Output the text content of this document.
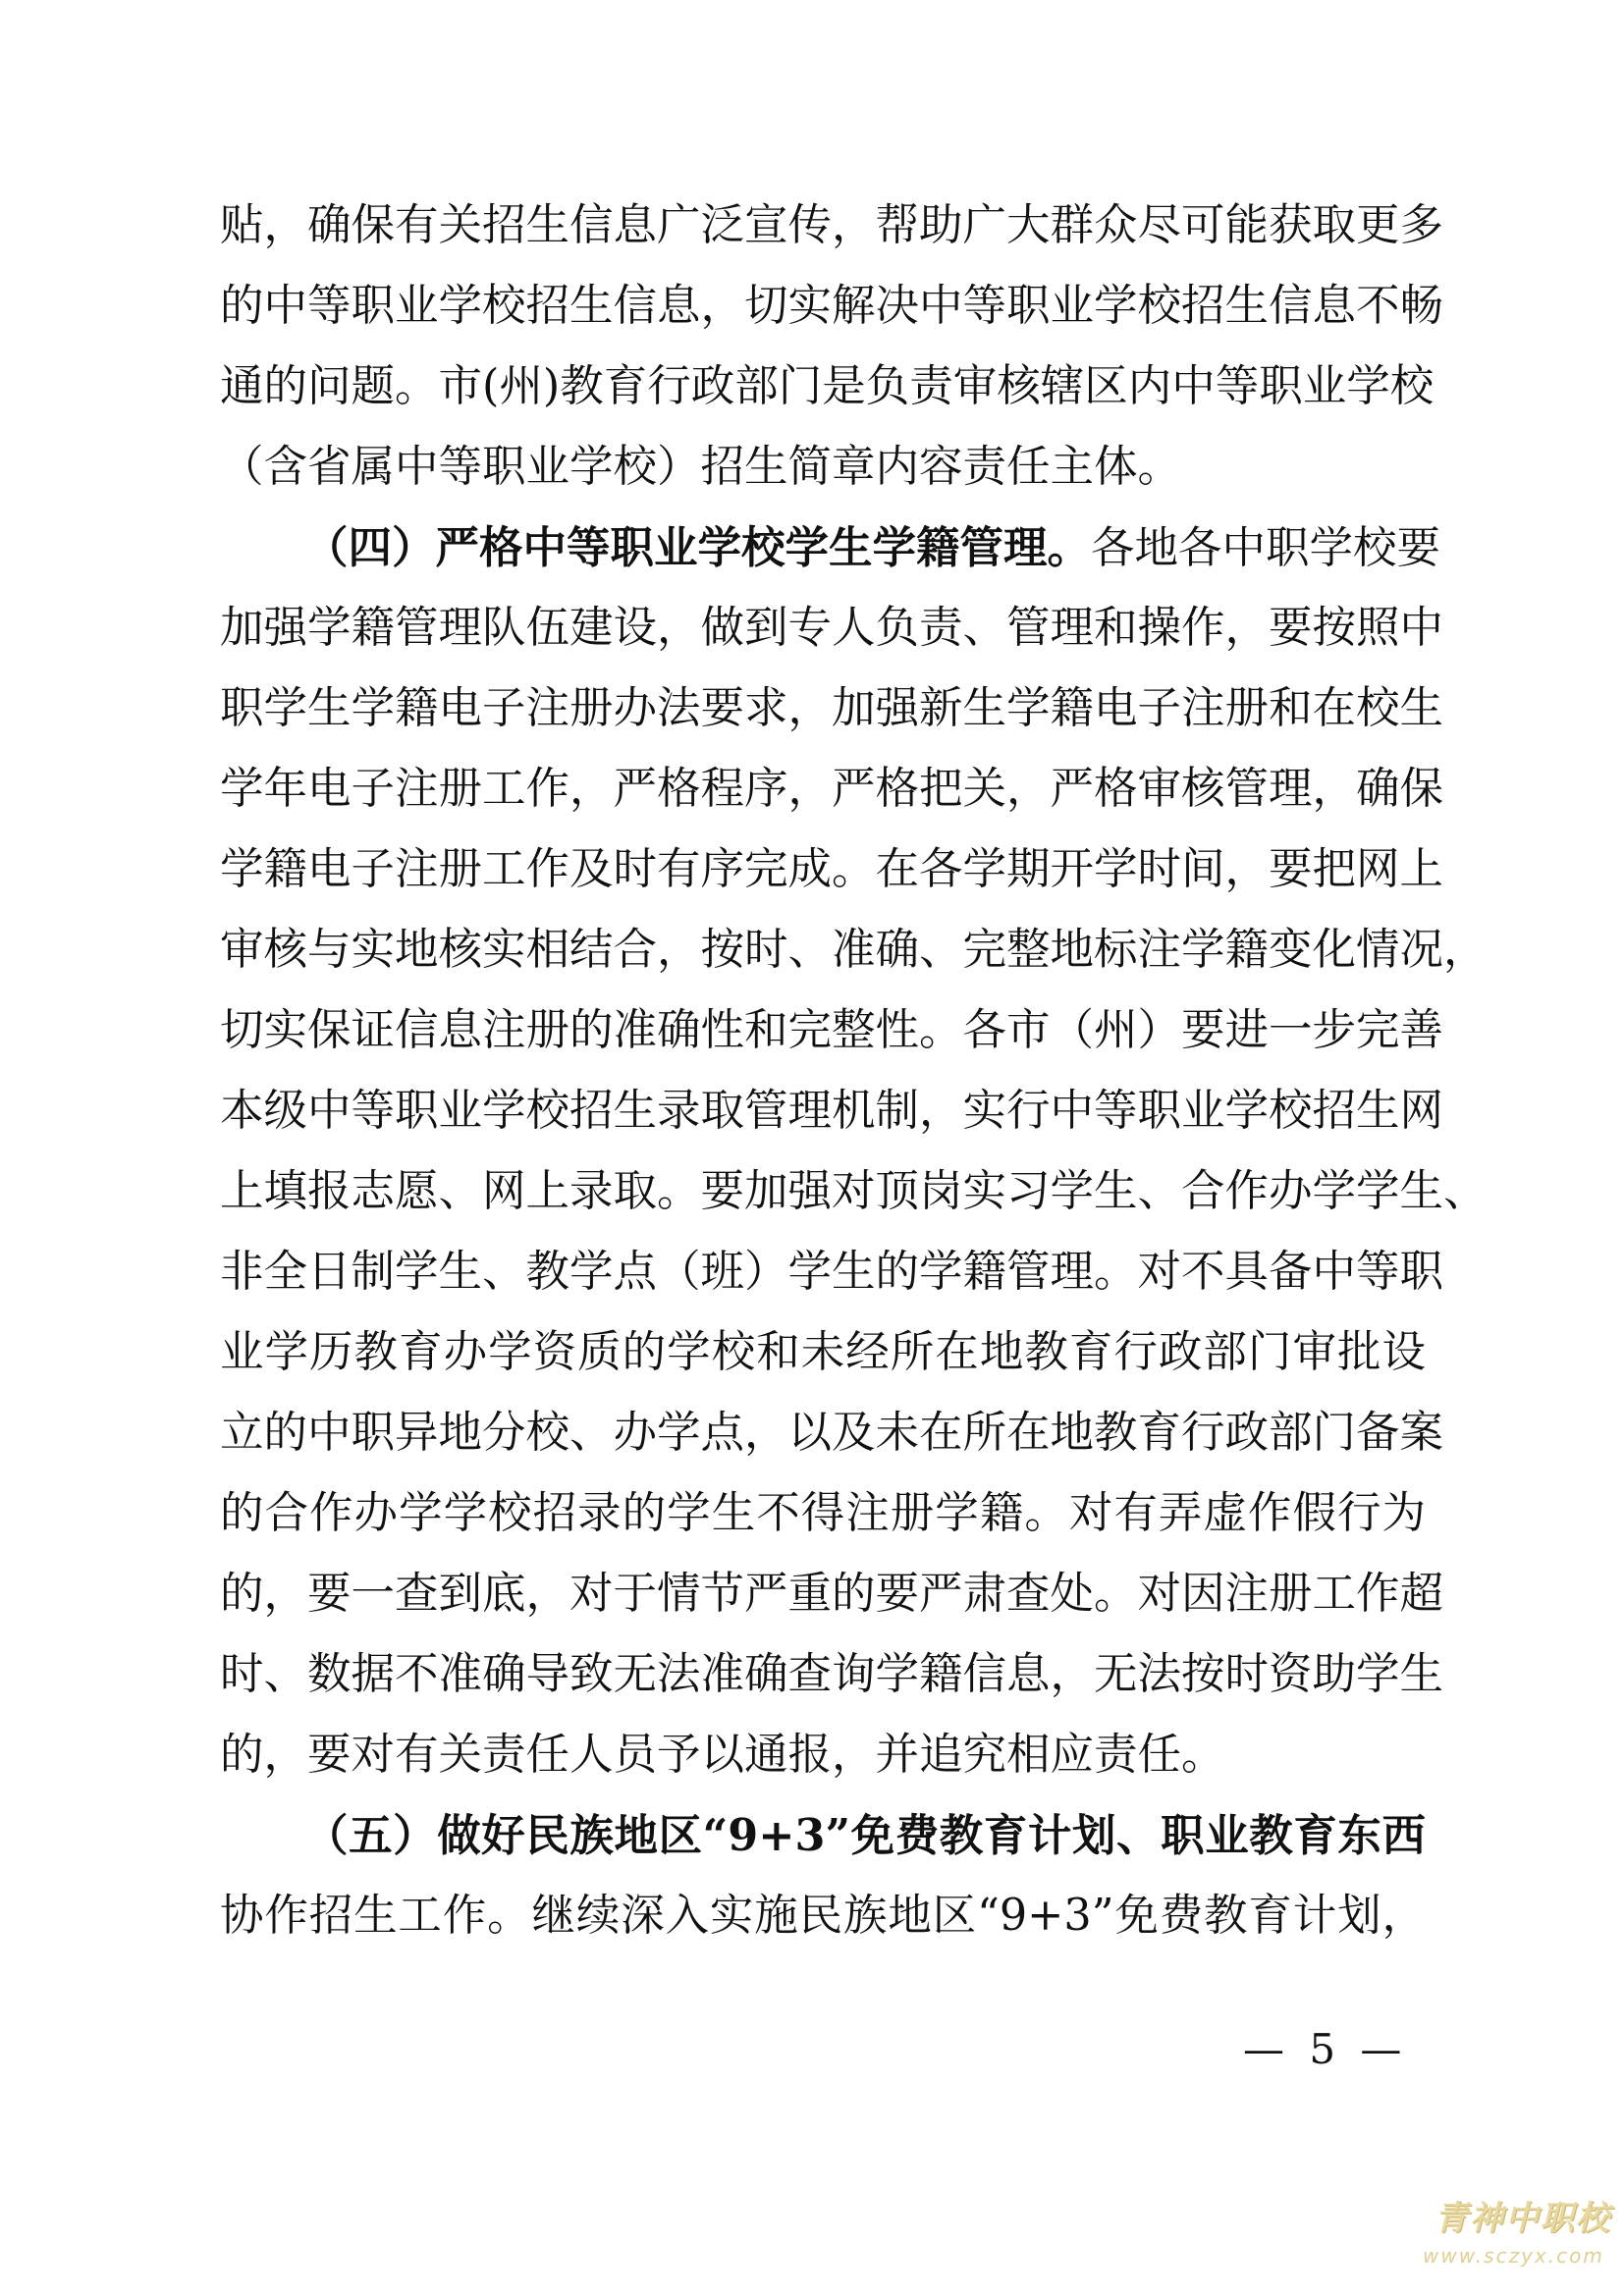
贴，确保有关招生信息广泛宣传，帮助广大群众尽可能获取更多
的中等职业学校招生信息，切实解决中等职业学校招生信息不畅
通的问题。市(州)教育行政部门是负责审核辖区内中等职业学校
（含省属中等职业学校）招生简章内容责任主体。
（四）严格中等职业学校学生学籍管理。各地各中职学校要
加强学籍管理队伍建设，做到专人负责、管理和操作，要按照中
职学生学籍电子注册办法要求，加强新生学籍电子注册和在校生
学年电子注册工作，严格程序，严格把关，严格审核管理，确保
学籍电子注册工作及时有序完成。在各学期开学时间，要把网上
审核与实地核实相结合，按时、准确、完整地标注学籍变化情况，
切实保证信息注册的准确性和完整性。各市（州）要进一步完善
本级中等职业学校招生录取管理机制，实行中等职业学校招生网
上填报志愿、网上录取。要加强对顶岗实习学生、合作办学学生、
非全日制学生、教学点（班）学生的学籍管理。对不具备中等职
业学历教育办学资质的学校和未经所在地教育行政部门审批设
立的中职异地分校、办学点，以及未在所在地教育行政部门备案
的合作办学学校招录的学生不得注册学籍。对有弄虚作假行为
的，要一查到底，对于情节严重的要严肃查处。对因注册工作超
时、数据不准确导致无法准确查询学籍信息，无法按时资助学生
的，要对有关责任人员予以通报，并追究相应责任。
（五）做好民族地区“9+3”免费教育计划、职业教育东西
协作招生工作。继续深入实施民族地区“9+3”免费教育计划，
— 5 —
青神中职校
www.sczyx.com
